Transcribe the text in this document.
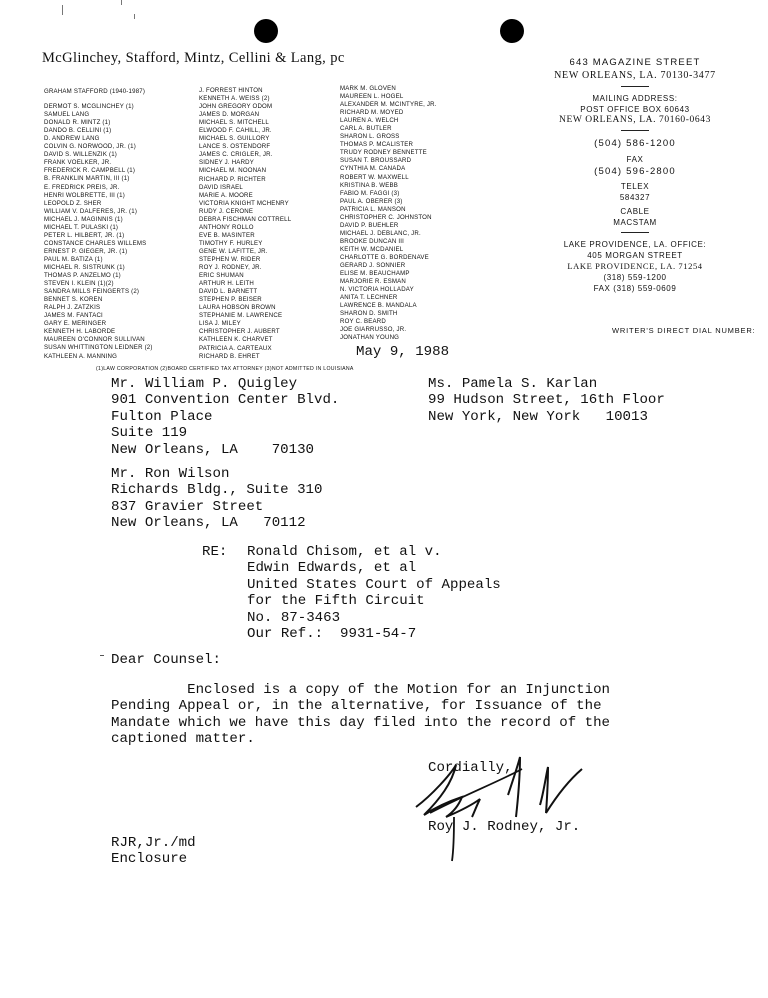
McGlinchey, Stafford, Mintz, Cellini & Lang, pc
GRAHAM STAFFORD (1940-1987)
DERMOT S. MCGLINCHEY (1)
SAMUEL LANG
DONALD R. MINTZ (1)
DANDO B. CELLINI (1)
D. ANDREW LANG
COLVIN G. NORWOOD, JR. (1)
DAVID S. WILLENZIK (1)
FRANK VOELKER, JR.
FREDERICK R. CAMPBELL (1)
B. FRANKLIN MARTIN, III (1)
E. FREDRICK PREIS, JR.
HENRI WOLBRETTE, III (1)
LEOPOLD Z. SHER
WILLIAM V. DALFERES, JR. (1)
MICHAEL J. MAGINNIS (1)
MICHAEL T. PULASKI (1)
PETER L. HILBERT, JR. (1)
CONSTANCE CHARLES WILLEMS
ERNEST P. GIEGER, JR. (1)
PAUL M. BATIZA (1)
MICHAEL R. SISTRUNK (1)
THOMAS P. ANZELMO (1)
STEVEN I. KLEIN (1)(2)
SANDRA MILLS FEINGERTS (2)
BENNET S. KOREN
RALPH J. ZATZKIS
JAMES M. FANTACI
GARY E. MERINGER
KENNETH H. LABORDE
MAUREEN O'CONNOR SULLIVAN
SUSAN WHITTINGTON LEIDNER (2)
KATHLEEN A. MANNING
J. FORREST HINTON
KENNETH A. WEISS (2)
JOHN GREGORY ODOM
JAMES D. MORGAN
MICHAEL S. MITCHELL
ELWOOD F. CAHILL, JR.
MICHAEL S. GUILLORY
LANCE S. OSTENDORF
JAMES C. CRIGLER, JR.
SIDNEY J. HARDY
MICHAEL M. NOONAN
RICHARD P. RICHTER
DAVID ISRAEL
MARIE A. MOORE
VICTORIA KNIGHT MCHENRY
RUDY J. CERONE
DEBRA FISCHMAN COTTRELL
ANTHONY ROLLO
EVE B. MASINTER
TIMOTHY F. HURLEY
GENE W. LAFITTE, JR.
STEPHEN W. RIDER
ROY J. RODNEY, JR.
ERIC SHUMAN
ARTHUR H. LEITH
DAVID L. BARNETT
STEPHEN P. BEISER
LAURA HOBSON BROWN
STEPHANIE M. LAWRENCE
LISA J. MILEY
CHRISTOPHER J. AUBERT
KATHLEEN K. CHARVET
PATRICIA A. CARTEAUX
RICHARD B. EHRET
MARK M. GLOVEN
MAUREEN L. HOGEL
ALEXANDER M. MCINTYRE, JR.
RICHARD M. MOYED
LAUREN A. WELCH
CARL A. BUTLER
SHARON L. GROSS
THOMAS P. MCALISTER
TRUDY RODNEY BENNETTE
SUSAN T. BROUSSARD
CYNTHIA M. CANADA
ROBERT W. MAXWELL
KRISTINA B. WEBB
FABIO M. FAGGI (3)
PAUL A. OBERER (3)
PATRICIA L. MANSON
CHRISTOPHER C. JOHNSTON
DAVID P. BUEHLER
MICHAEL J. DEBLANC, JR.
BROOKE DUNCAN III
KEITH W. MCDANIEL
CHARLOTTE G. BORDENAVE
GERARD J. SONNIER
ELISE M. BEAUCHAMP
MARJORIE R. ESMAN
N. VICTORIA HOLLADAY
ANITA T. LECHNER
LAWRENCE B. MANDALA
SHARON D. SMITH
ROY C. BEARD
JOE GIARRUSSO, JR.
JONATHAN YOUNG
643 MAGAZINE STREET
NEW ORLEANS, LA. 70130-3477
MAILING ADDRESS:
POST OFFICE BOX 60643
NEW ORLEANS, LA. 70160-0643
(504) 586-1200
FAX
(504) 596-2800
TELEX
584327
CABLE
MACSTAM
LAKE PROVIDENCE, LA. OFFICE:
405 MORGAN STREET
LAKE PROVIDENCE, LA. 71254
(318) 559-1200
FAX (318) 559-0609
WRITER'S DIRECT DIAL NUMBER:
(1)LAW CORPORATION (2)BOARD CERTIFIED TAX ATTORNEY (3)NOT ADMITTED IN LOUISIANA
May 9, 1988
Mr. William P. Quigley
901 Convention Center Blvd.
Fulton Place
Suite 119
New Orleans, LA    70130
Ms. Pamela S. Karlan
99 Hudson Street, 16th Floor
New York, New York   10013
Mr. Ron Wilson
Richards Bldg., Suite 310
837 Gravier Street
New Orleans, LA   70112
RE: Ronald Chisom, et al v.
Edwin Edwards, et al
United States Court of Appeals
for the Fifth Circuit
No. 87-3463
Our Ref.:  9931-54-7
Dear Counsel:
Enclosed is a copy of the Motion for an Injunction
Pending Appeal or, in the alternative, for Issuance of the
Mandate which we have this day filed into the record of the
captioned matter.
Cordially,
Roy J. Rodney, Jr.
RJR,Jr./md
Enclosure
